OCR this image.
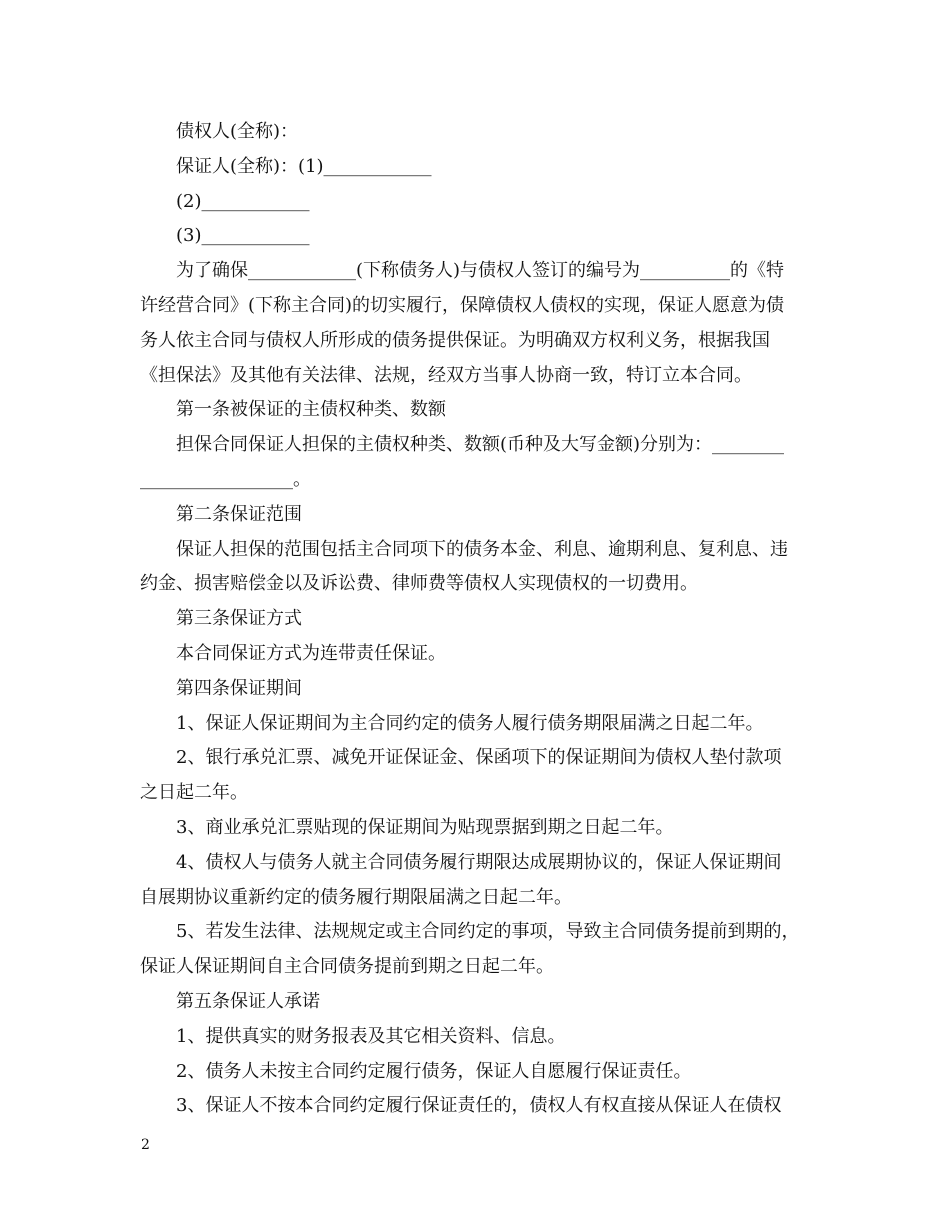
债权人(全称)：
保证人(全称)：(1)____________
(2)____________
(3)____________
为了确保____________(下称债务人)与债权人签订的编号为__________的《特
许经营合同》(下称主合同)的切实履行，保障债权人债权的实现，保证人愿意为债
务人依主合同与债权人所形成的债务提供保证。为明确双方权利义务，根据我国
《担保法》及其他有关法律、法规，经双方当事人协商一致，特订立本合同。
第一条被保证的主债权种类、数额
担保合同保证人担保的主债权种类、数额(币种及大写金额)分别为：________
_________________。
第二条保证范围
保证人担保的范围包括主合同项下的债务本金、利息、逾期利息、复利息、违
约金、损害赔偿金以及诉讼费、律师费等债权人实现债权的一切费用。
第三条保证方式
本合同保证方式为连带责任保证。
第四条保证期间
1、保证人保证期间为主合同约定的债务人履行债务期限届满之日起二年。
2、银行承兑汇票、减免开证保证金、保函项下的保证期间为债权人垫付款项
之日起二年。
3、商业承兑汇票贴现的保证期间为贴现票据到期之日起二年。
4、债权人与债务人就主合同债务履行期限达成展期协议的，保证人保证期间
自展期协议重新约定的债务履行期限届满之日起二年。
5、若发生法律、法规规定或主合同约定的事项，导致主合同债务提前到期的，
保证人保证期间自主合同债务提前到期之日起二年。
第五条保证人承诺
1、提供真实的财务报表及其它相关资料、信息。
2、债务人未按主合同约定履行债务，保证人自愿履行保证责任。
3、保证人不按本合同约定履行保证责任的，债权人有权直接从保证人在债权
2
